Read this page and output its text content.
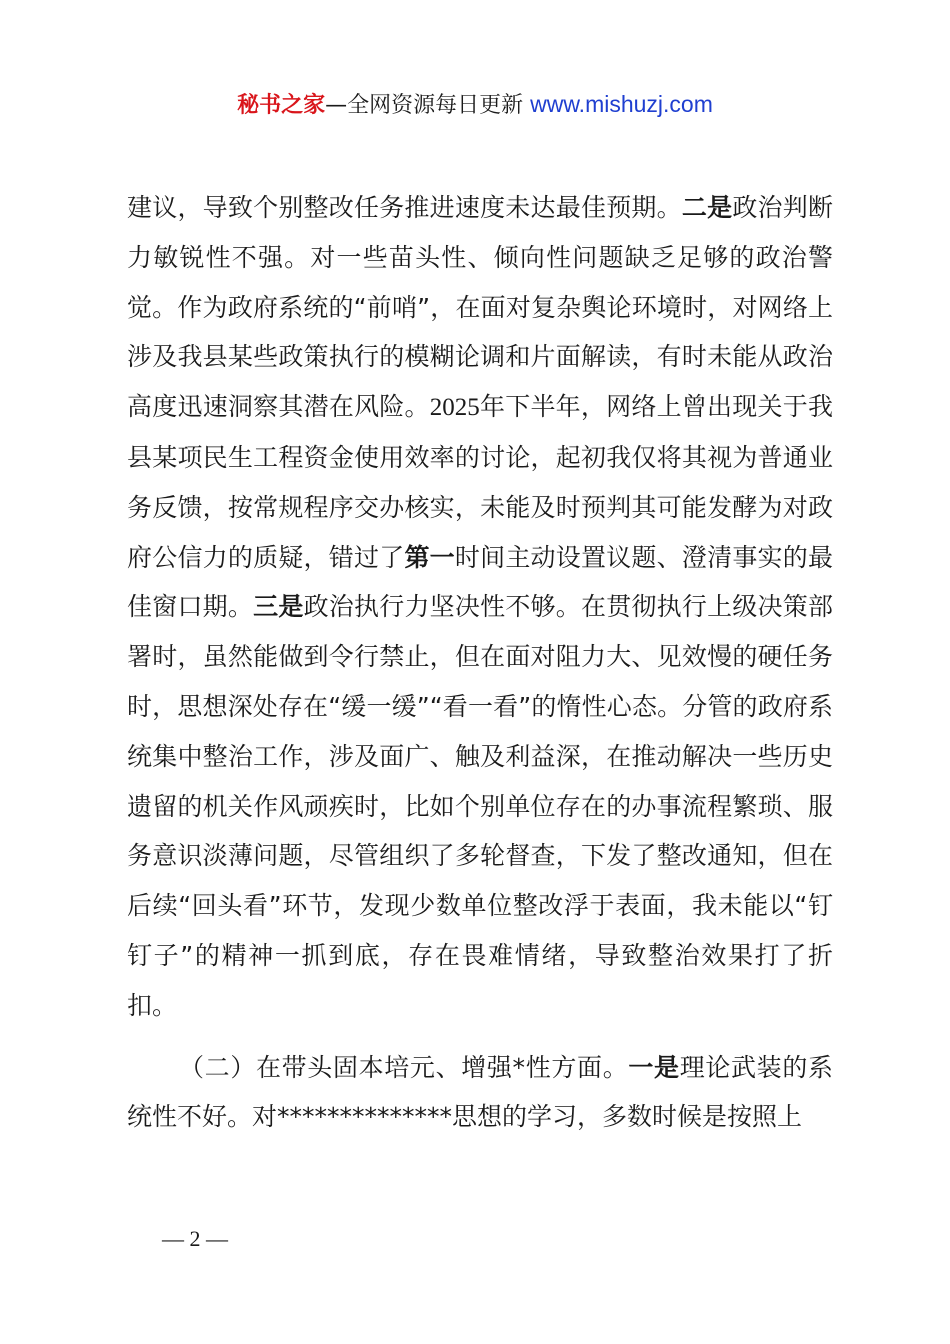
秘书之家—全网资源每日更新 www.mishuzj.com

建议，导致个别整改任务推进速度未达最佳预期。二是政治判断力敏锐性不强。对一些苗头性、倾向性问题缺乏足够的政治警觉。作为政府系统的“前哨”，在面对复杂舆论环境时，对网络上涉及我县某些政策执行的模糊论调和片面解读，有时未能从政治高度迅速洞察其潜在风险。2025年下半年，网络上曾出现关于我县某项民生工程资金使用效率的讨论，起初我仅将其视为普通业务反馈，按常规程序交办核实，未能及时预判其可能发酵为对政府公信力的质疑，错过了第一时间主动设置议题、澄清事实的最佳窗口期。三是政治执行力坚决性不够。在贯彻执行上级决策部署时，虽然能做到令行禁止，但在面对阻力大、见效慢的硬任务时，思想深处存在“缓一缓”“看一看”的惰性心态。分管的政府系统集中整治工作，涉及面广、触及利益深，在推动解决一些历史遗留的机关作风顽疾时，比如个别单位存在的办事流程繁琐、服务意识淡薄问题，尽管组织了多轮督查，下发了整改通知，但在后续“回头看”环节，发现少数单位整改浮于表面，我未能以“钉钉子”的精神一抓到底，存在畏难情绪，导致整治效果打了折扣。

（二）在带头固本培元、增强*性方面。一是理论武装的系统性不好。对**************思想的学习，多数时候是按照上

— 2 —
